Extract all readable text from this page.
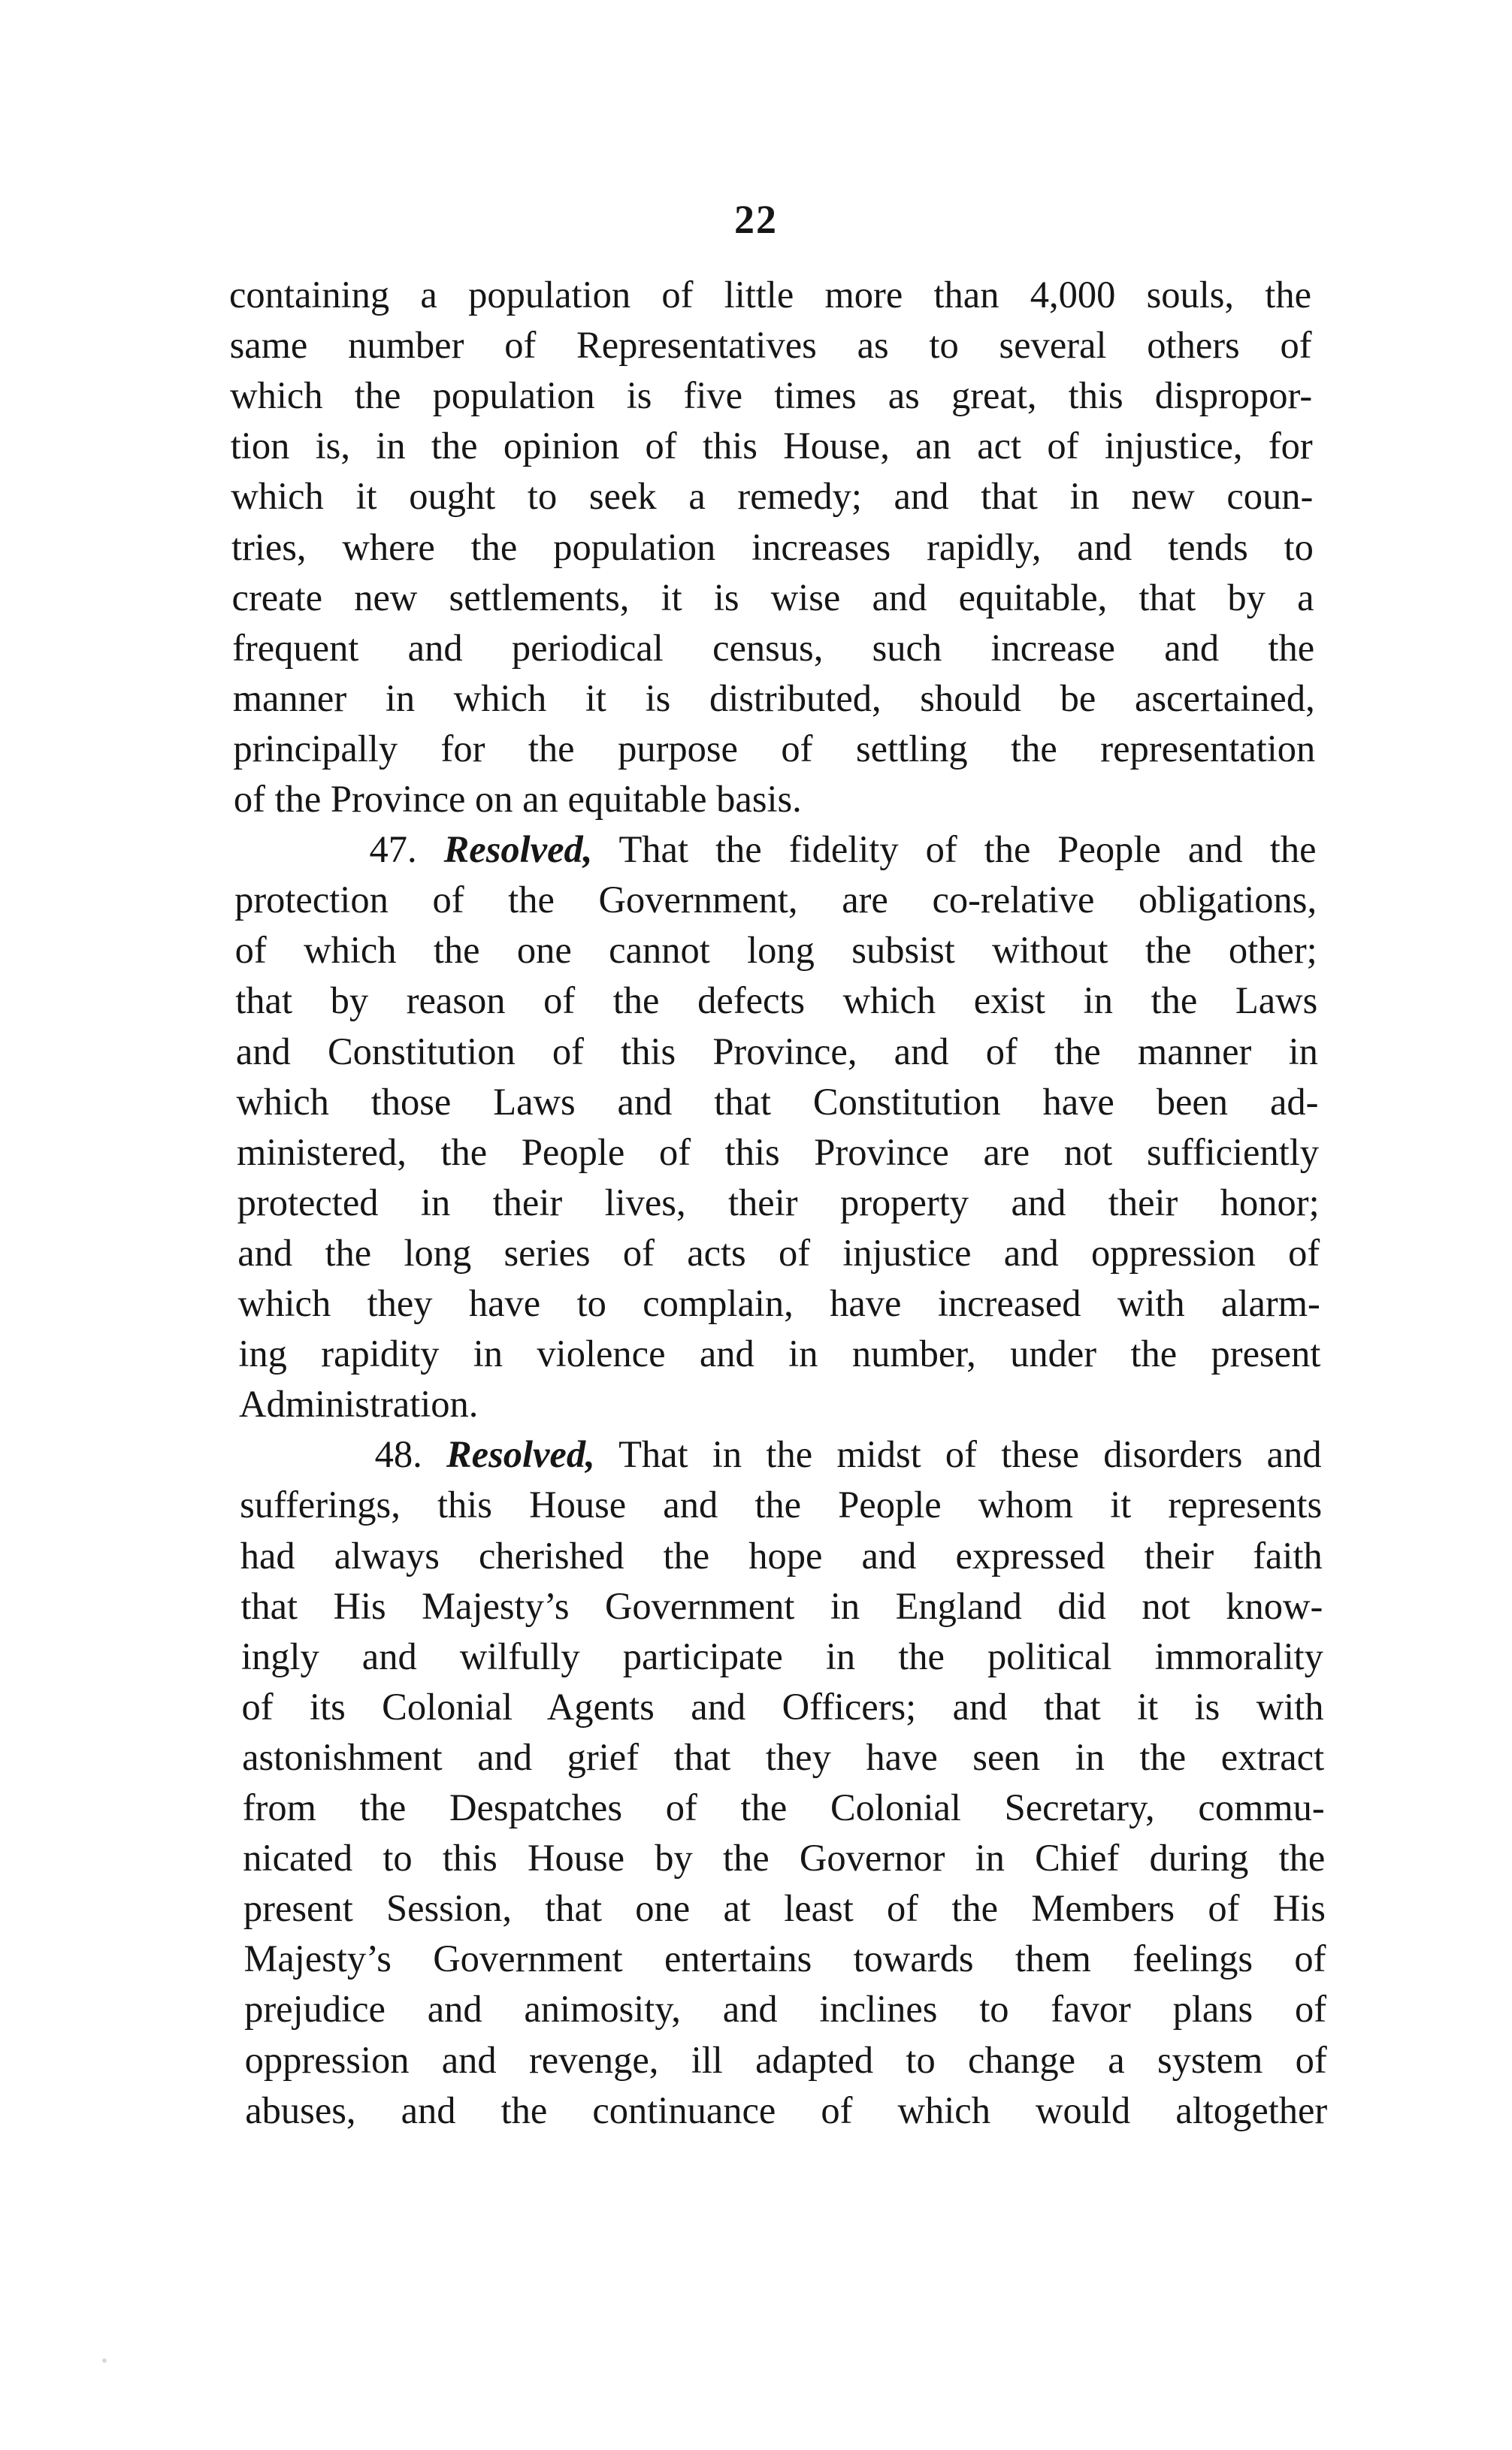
22
containing a population of little more than 4,000 souls, the
same number of Representatives as to several others of
which the population is five times as great, this dispropor-
tion is, in the opinion of this House, an act of injustice, for
which it ought to seek a remedy; and that in new coun-
tries, where the population increases rapidly, and tends to
create new settlements, it is wise and equitable, that by a
frequent and periodical census, such increase and the
manner in which it is distributed, should be ascertained,
principally for the purpose of settling the representation
of the Province on an equitable basis.
47. Resolved, That the fidelity of the People and the
protection of the Government, are co-relative obligations,
of which the one cannot long subsist without the other;
that by reason of the defects which exist in the Laws
and Constitution of this Province, and of the manner in
which those Laws and that Constitution have been ad-
ministered, the People of this Province are not sufficiently
protected in their lives, their property and their honor;
and the long series of acts of injustice and oppression of
which they have to complain, have increased with alarm-
ing rapidity in violence and in number, under the present
Administration.
48. Resolved, That in the midst of these disorders and
sufferings, this House and the People whom it represents
had always cherished the hope and expressed their faith
that His Majesty’s Government in England did not know-
ingly and wilfully participate in the political immorality
of its Colonial Agents and Officers; and that it is with
astonishment and grief that they have seen in the extract
from the Despatches of the Colonial Secretary, commu-
nicated to this House by the Governor in Chief during the
present Session, that one at least of the Members of His
Majesty’s Government entertains towards them feelings of
prejudice and animosity, and inclines to favor plans of
oppression and revenge, ill adapted to change a system of
abuses, and the continuance of which would altogether
